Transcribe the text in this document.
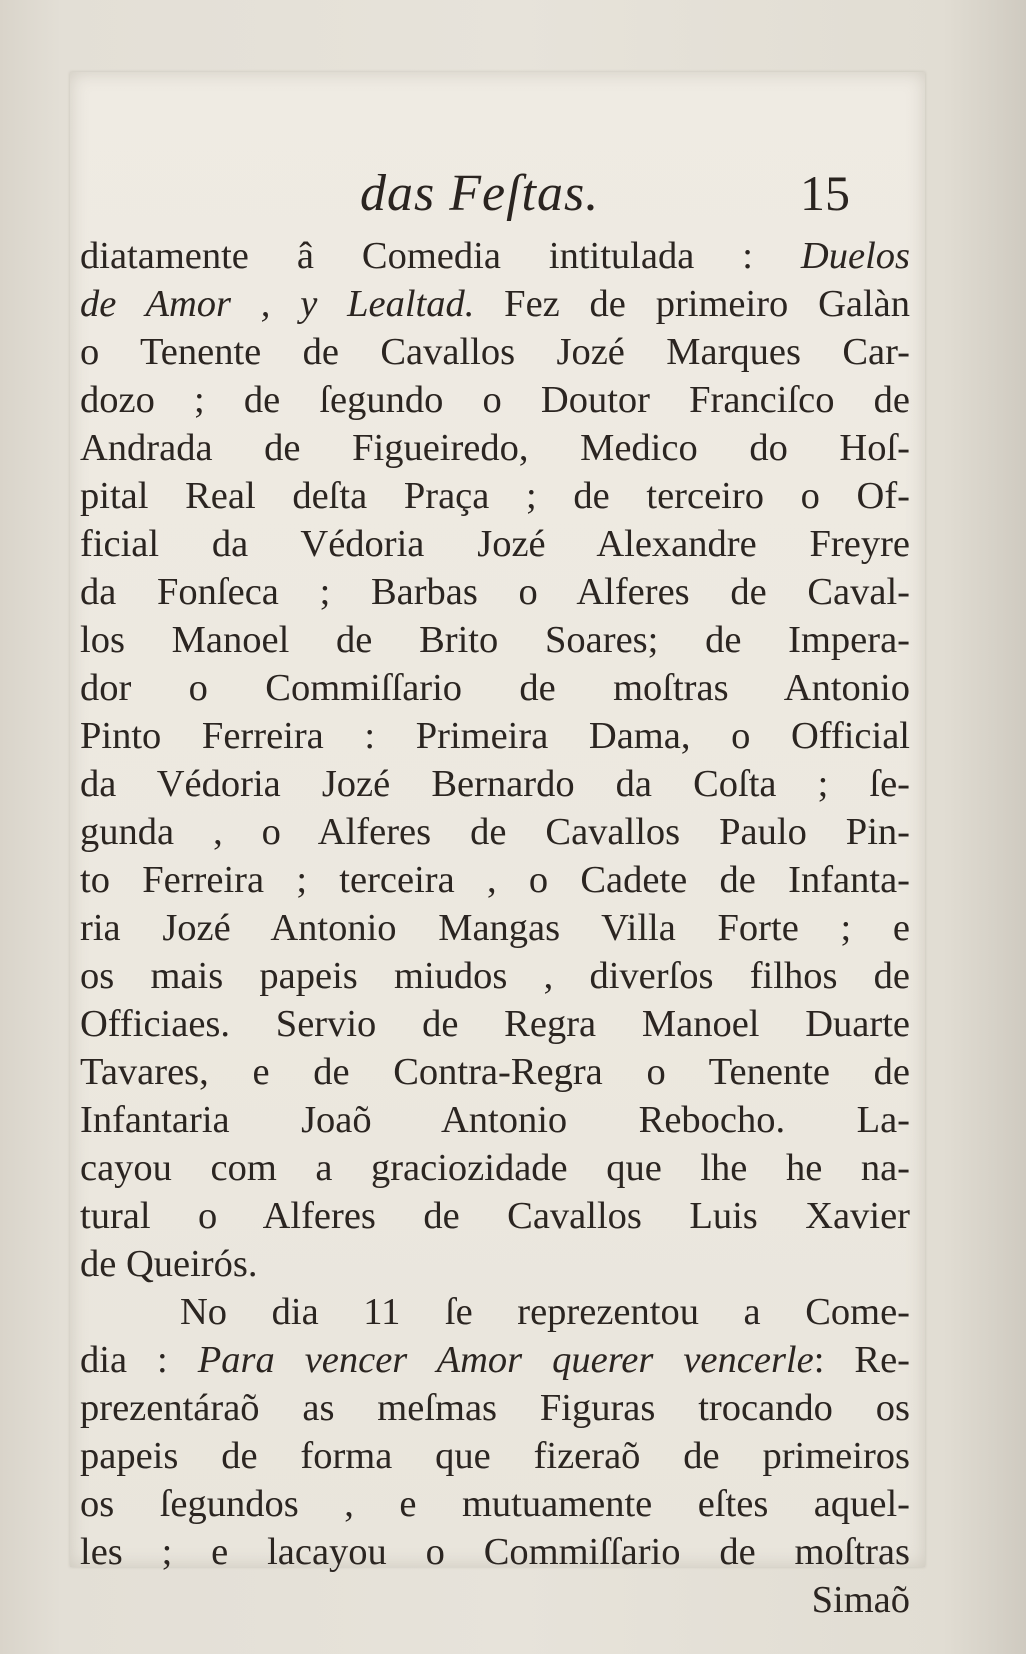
das Feſtas.	15
diatamente â Comedia intitulada : Duelos
de Amor , y Lealtad. Fez de primeiro Galàn
o Tenente de Cavallos Jozé Marques Car-
dozo ; de ſegundo o Doutor Franciſco de
Andrada de Figueiredo, Medico do Hoſ-
pital Real deſta Praça ; de terceiro o Of-
ficial da Védoria Jozé Alexandre Freyre
da Fonſeca ; Barbas o Alferes de Caval-
los Manoel de Brito Soares; de Impera-
dor o Commiſſario de moſtras Antonio
Pinto Ferreira : Primeira Dama, o Official
da Védoria Jozé Bernardo da Coſta ; ſe-
gunda , o Alferes de Cavallos Paulo Pin-
to Ferreira ; terceira , o Cadete de Infanta-
ria Jozé Antonio Mangas Villa Forte ; e
os mais papeis miudos , diverſos filhos de
Officiaes. Servio de Regra Manoel Duarte
Tavares, e de Contra-Regra o Tenente de
Infantaria Joaõ Antonio Rebocho. La-
cayou com a graciozidade que lhe he na-
tural o Alferes de Cavallos Luis Xavier
de Queirós.
No dia 11 ſe reprezentou a Come-
dia : Para vencer Amor querer vencerle: Re-
prezentáraõ as meſmas Figuras trocando os
papeis de forma que fizeraõ de primeiros
os ſegundos , e mutuamente eſtes aquel-
les ; e lacayou o Commiſſario de moſtras
Simaõ
